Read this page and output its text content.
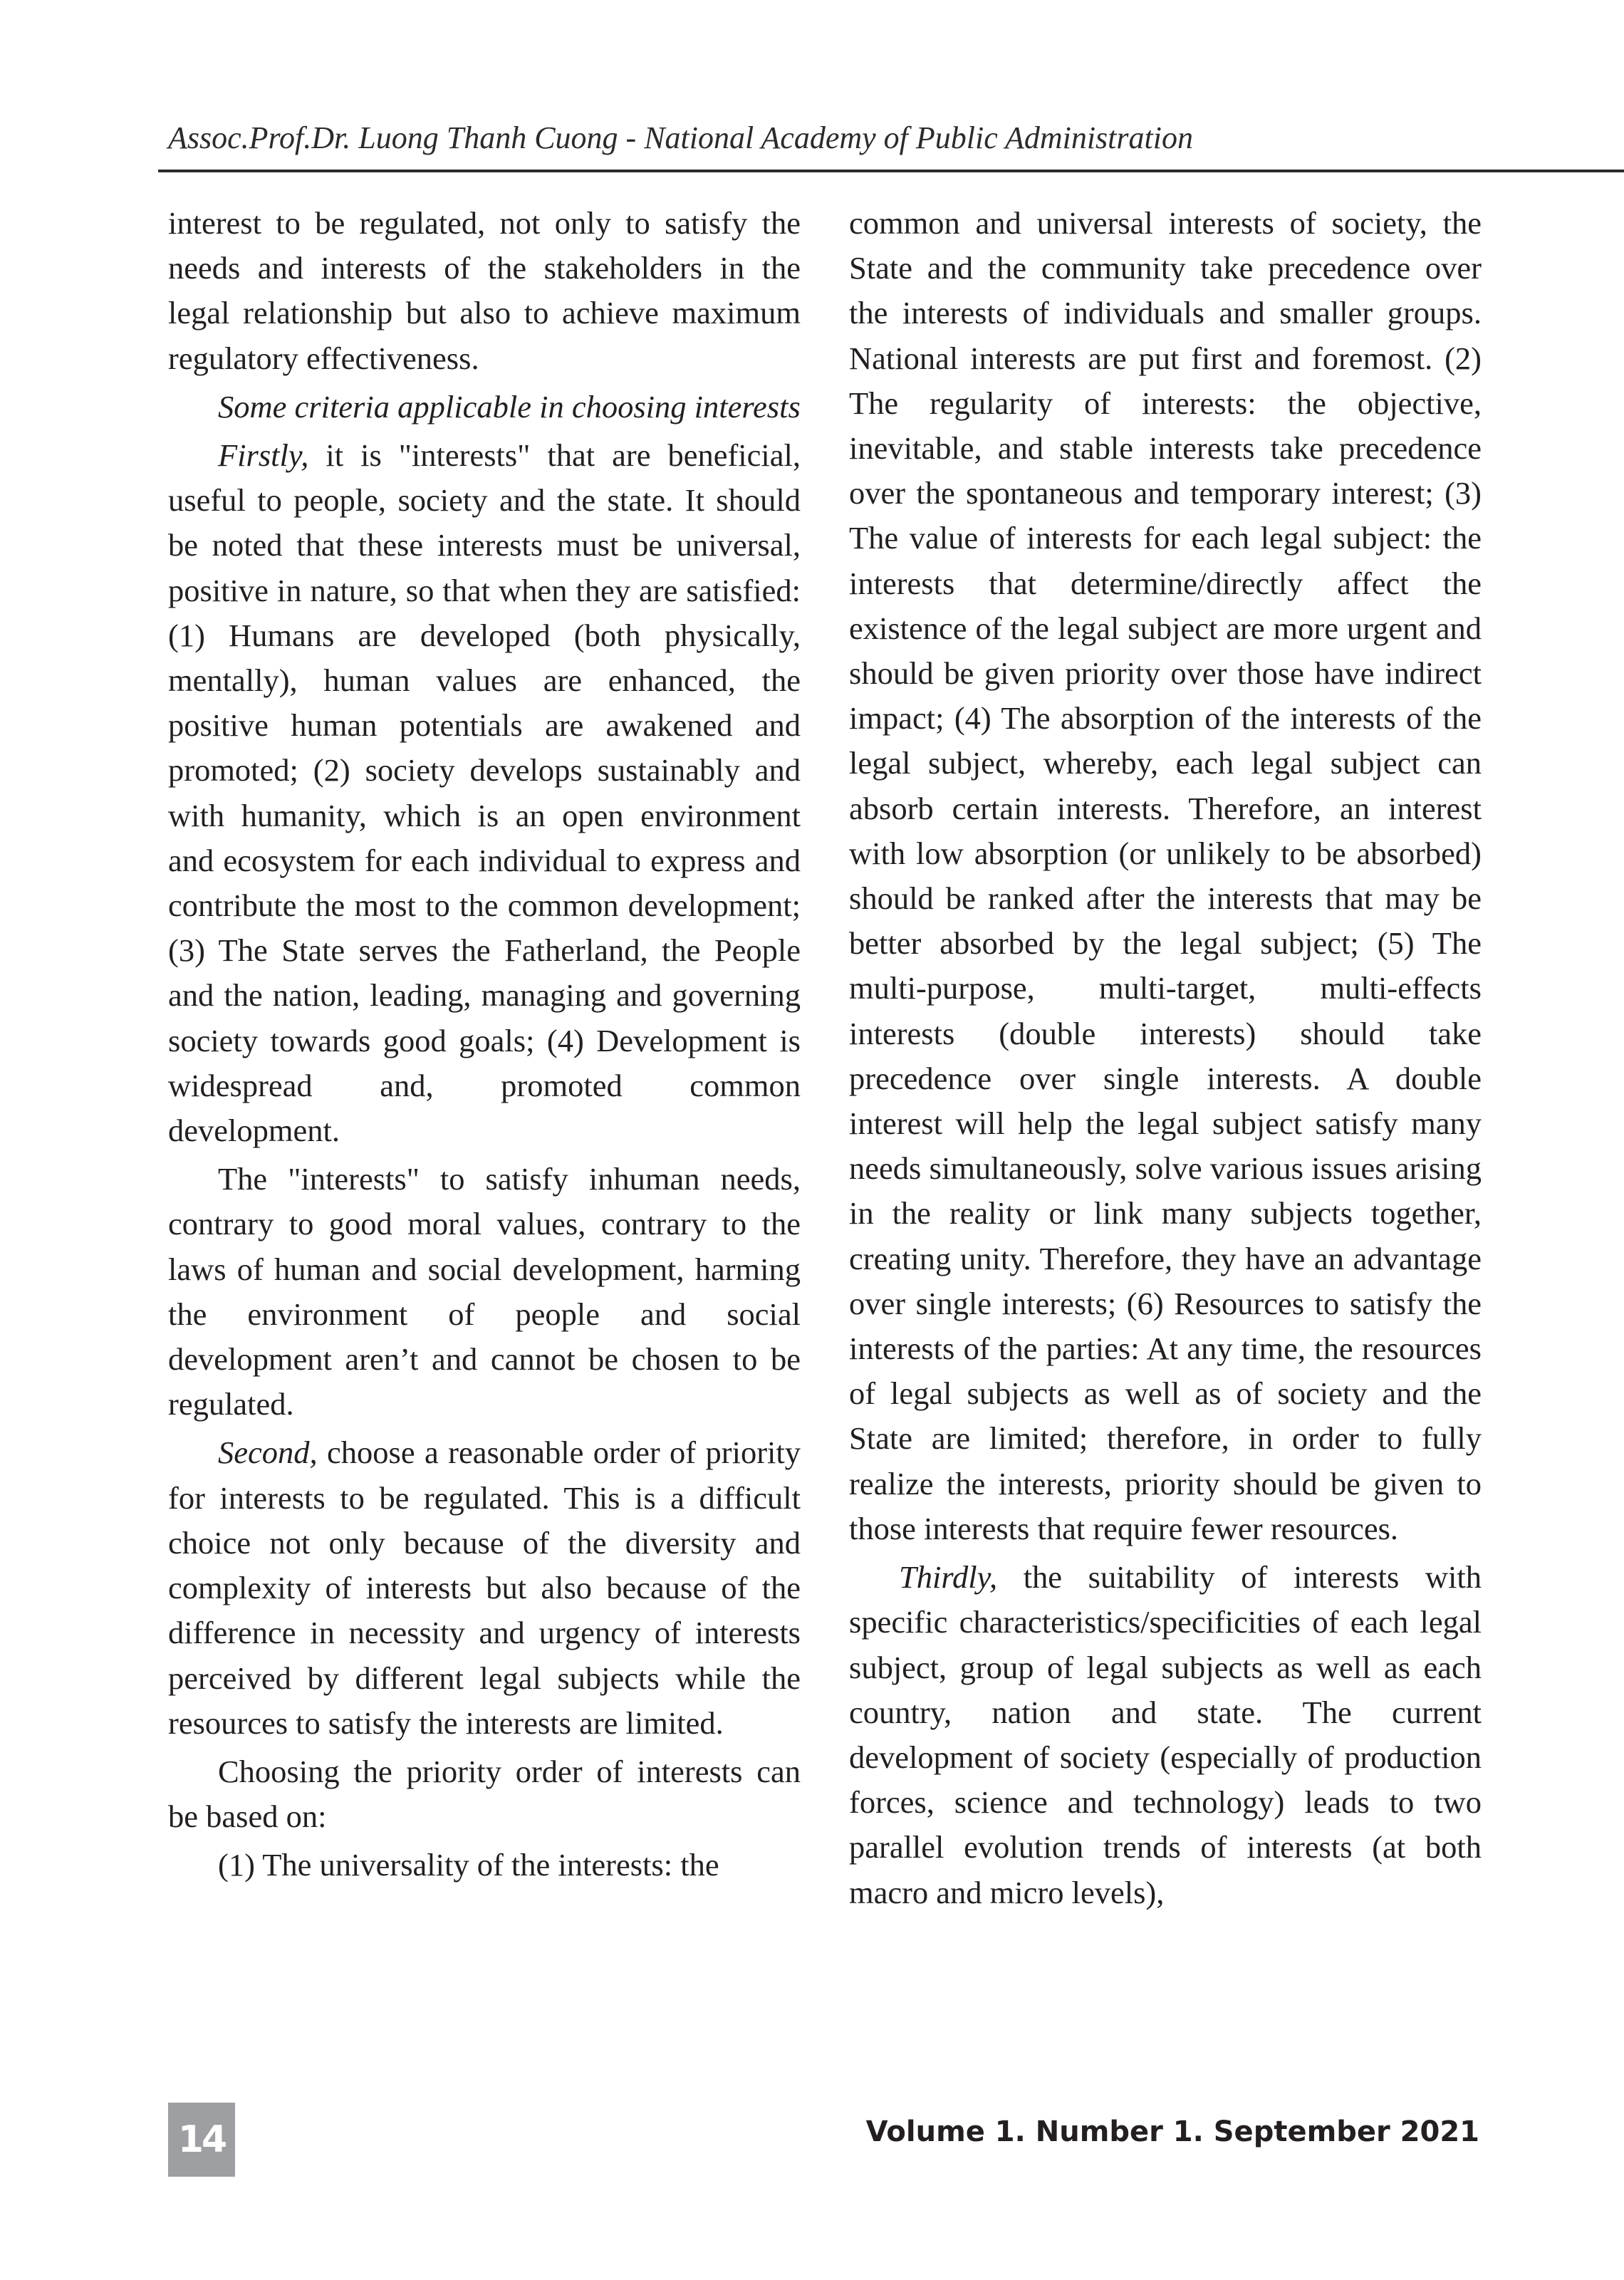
Assoc.Prof.Dr. Luong Thanh Cuong - National Academy of Public Administration

interest to be regulated, not only to satisfy the needs and interests of the stakeholders in the legal relationship but also to achieve maximum regulatory effectiveness.

Some criteria applicable in choosing interests

Firstly, it is "interests" that are beneficial, useful to people, society and the state. It should be noted that these interests must be universal, positive in nature, so that when they are satisfied: (1) Humans are developed (both physically, mentally), human values are enhanced, the positive human potentials are awakened and promoted; (2) society develops sustainably and with humanity, which is an open environment and ecosystem for each individual to express and contribute the most to the common development; (3) The State serves the Fatherland, the People and the nation, leading, managing and governing society towards good goals; (4) Development is widespread and, promoted common development.

The "interests" to satisfy inhuman needs, contrary to good moral values, contrary to the laws of human and social development, harming the environment of people and social development aren’t and cannot be chosen to be regulated.

Second, choose a reasonable order of priority for interests to be regulated. This is a difficult choice not only because of the diversity and complexity of interests but also because of the difference in necessity and urgency of interests perceived by different legal subjects while the resources to satisfy the interests are limited.

Choosing the priority order of interests can be based on:

(1) The universality of the interests: the

common and universal interests of society, the State and the community take precedence over the interests of individuals and smaller groups. National interests are put first and foremost. (2) The regularity of interests: the objective, inevitable, and stable interests take precedence over the spontaneous and temporary interest; (3) The value of interests for each legal subject: the interests that determine/directly affect the existence of the legal subject are more urgent and should be given priority over those have indirect impact; (4) The absorption of the interests of the legal subject, whereby, each legal subject can absorb certain interests. Therefore, an interest with low absorption (or unlikely to be absorbed) should be ranked after the interests that may be better absorbed by the legal subject; (5) The multi-purpose, multi-target, multi-effects interests (double interests) should take precedence over single interests. A double interest will help the legal subject satisfy many needs simultaneously, solve various issues arising in the reality or link many subjects together, creating unity. Therefore, they have an advantage over single interests; (6) Resources to satisfy the interests of the parties: At any time, the resources of legal subjects as well as of society and the State are limited; therefore, in order to fully realize the interests, priority should be given to those interests that require fewer resources.

Thirdly, the suitability of interests with specific characteristics/specificities of each legal subject, group of legal subjects as well as each country, nation and state. The current development of society (especially of production forces, science and technology) leads to two parallel evolution trends of interests (at both macro and micro levels),

14	Volume 1. Number 1. September 2021
